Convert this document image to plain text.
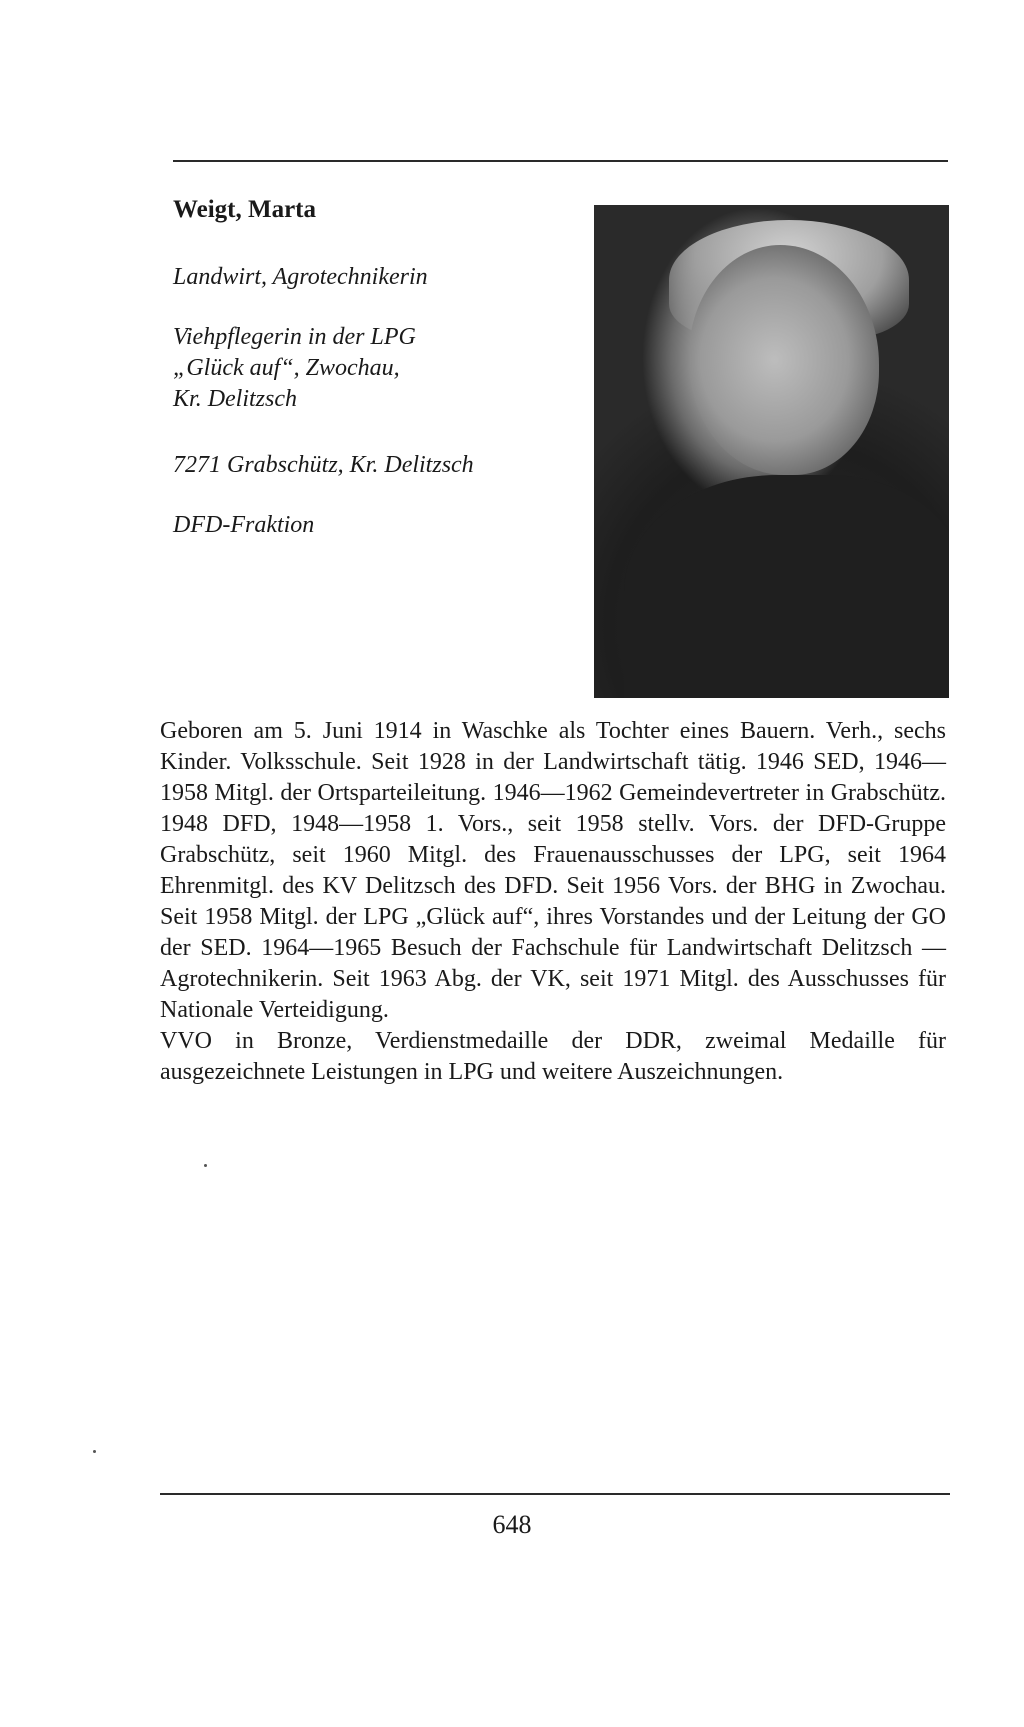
Weigt, Marta

Landwirt, Agrotechnikerin

Viehpflegerin in der LPG
„Glück auf“, Zwochau,
Kr. Delitzsch

7271 Grabschütz, Kr. Delitzsch

DFD-Fraktion

Geboren am 5. Juni 1914 in Waschke als Tochter eines Bauern. Verh., sechs Kinder. Volksschule. Seit 1928 in der Landwirtschaft tätig. 1946 SED, 1946—1958 Mitgl. der Ortsparteileitung. 1946—1962 Gemeindevertreter in Grabschütz. 1948 DFD, 1948—1958 1. Vors., seit 1958 stellv. Vors. der DFD-Gruppe Grabschütz, seit 1960 Mitgl. des Frauenausschusses der LPG, seit 1964 Ehrenmitgl. des KV Delitzsch des DFD. Seit 1956 Vors. der BHG in Zwochau. Seit 1958 Mitgl. der LPG „Glück auf“, ihres Vorstandes und der Leitung der GO der SED. 1964—1965 Besuch der Fachschule für Landwirtschaft Delitzsch — Agrotechnikerin. Seit 1963 Abg. der VK, seit 1971 Mitgl. des Ausschusses für Nationale Verteidigung.

VVO in Bronze, Verdienstmedaille der DDR, zweimal Medaille für ausgezeichnete Leistungen in LPG und weitere Auszeichnungen.

648
